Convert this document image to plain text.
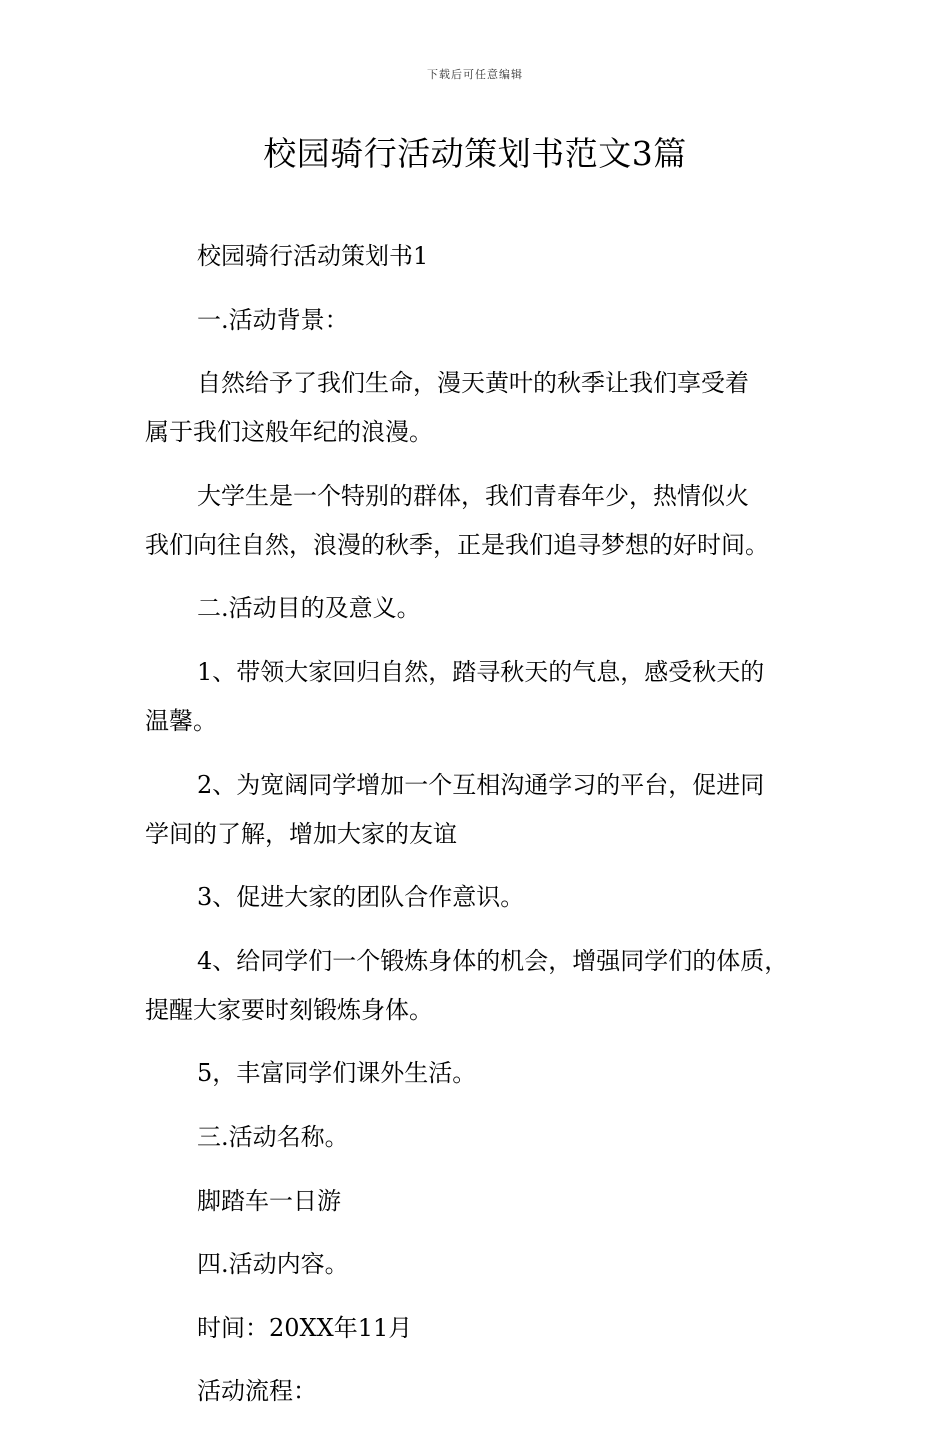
下载后可任意编辑
校园骑行活动策划书范文3篇
校园骑行活动策划书1
一.活动背景：
自然给予了我们生命，漫天黄叶的秋季让我们享受着
属于我们这般年纪的浪漫。
大学生是一个特别的群体，我们青春年少，热情似火
我们向往自然，浪漫的秋季，正是我们追寻梦想的好时间。
二.活动目的及意义。
1、带领大家回归自然，踏寻秋天的气息，感受秋天的
温馨。
2、为宽阔同学增加一个互相沟通学习的平台，促进同
学间的了解，增加大家的友谊
3、促进大家的团队合作意识。
4、给同学们一个锻炼身体的机会，增强同学们的体质，
提醒大家要时刻锻炼身体。
5，丰富同学们课外生活。
三.活动名称。
脚踏车一日游
四.活动内容。
时间：20XX年11月
活动流程：
